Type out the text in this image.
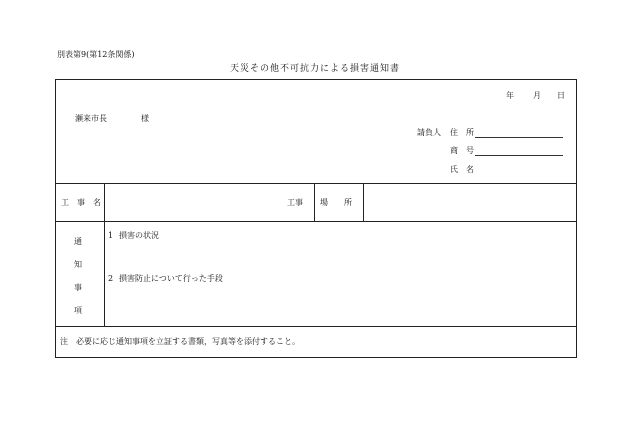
別表第9(第12条関係)
天災その他不可抗力による損害通知書
年 月 日
瀬来市長	様
請負人 住　所
商　号
氏　名
工　事　名	工事 場　　所
通
知
事
項
1 損害の状況
2 損害防止について行った手段
注　必要に応じ通知事項を立証する書類，写真等を添付すること。
